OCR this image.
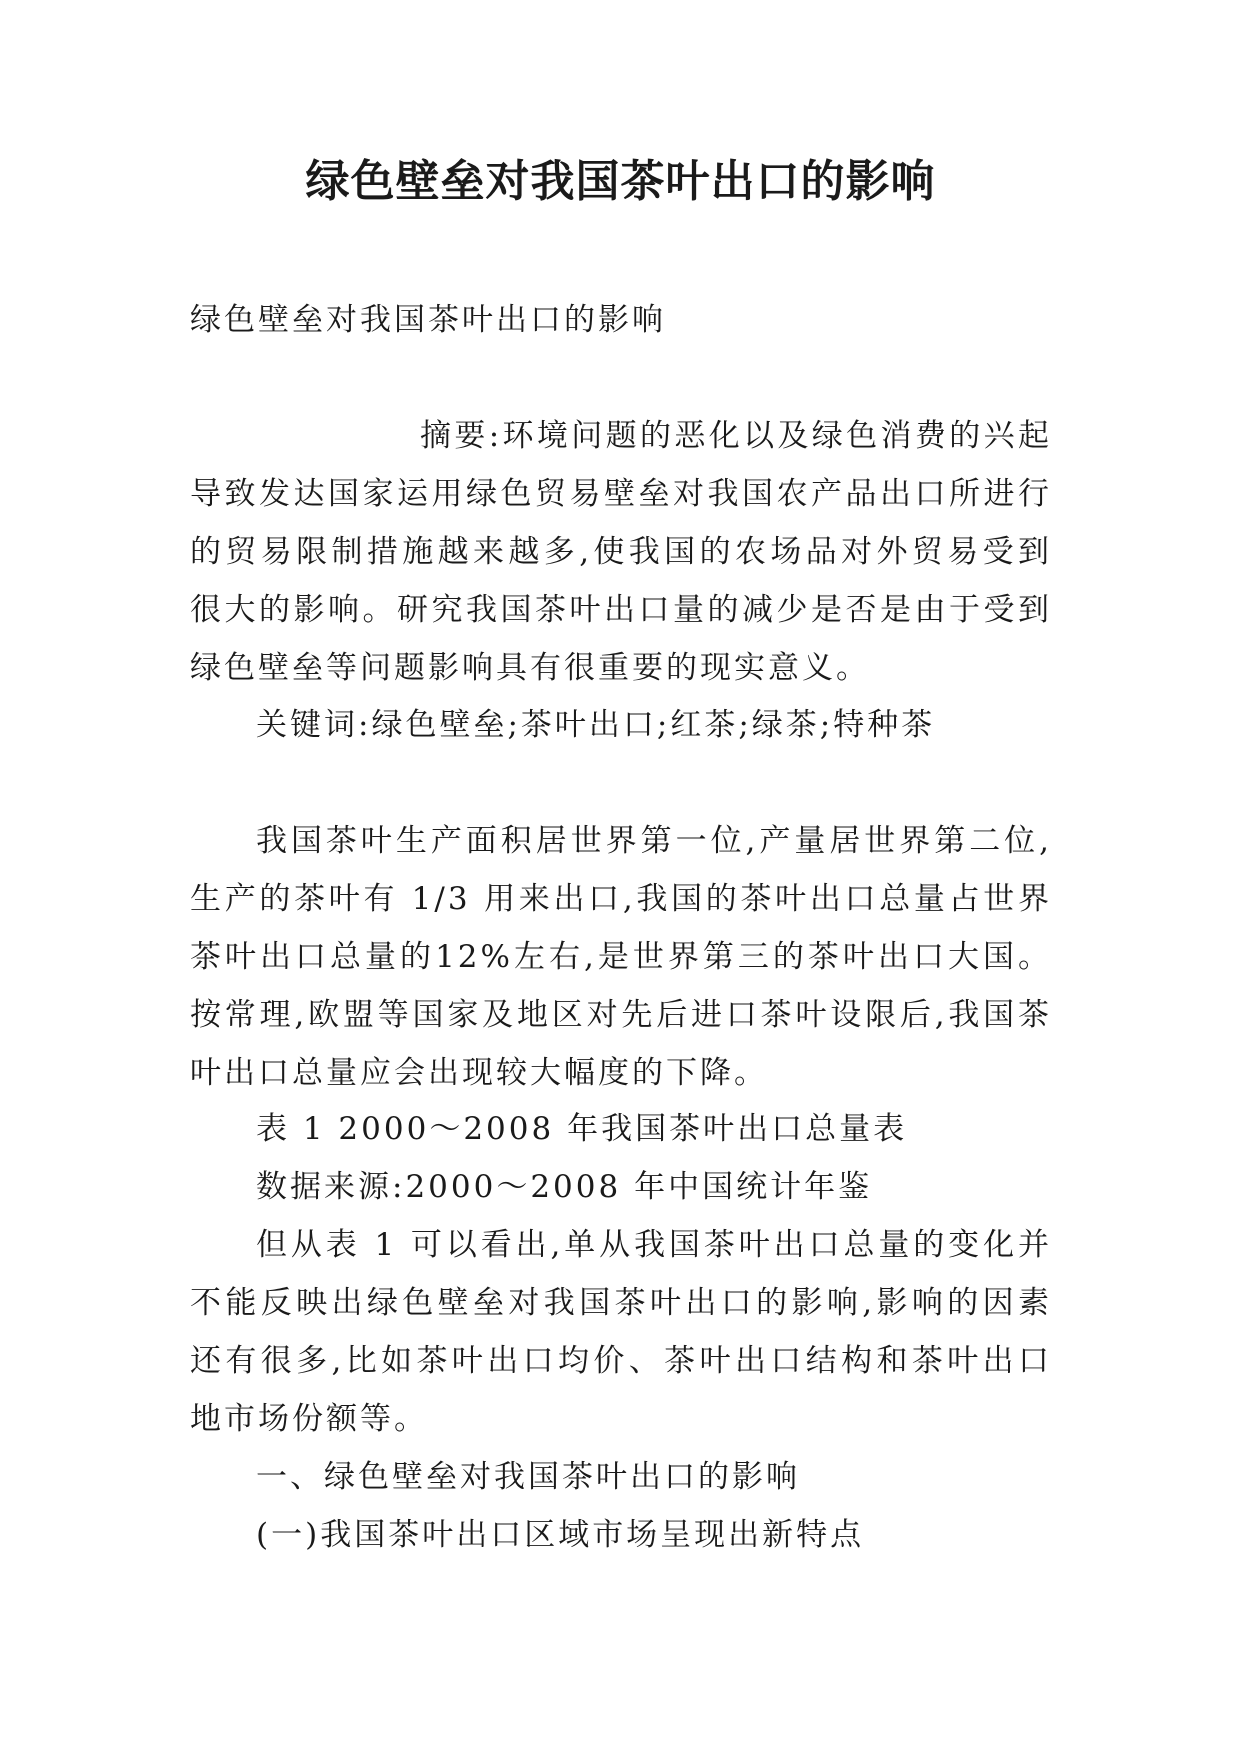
绿色壁垒对我国茶叶出口的影响

绿色壁垒对我国茶叶出口的影响

摘要:环境问题的恶化以及绿色消费的兴起导致发达国家运用绿色贸易壁垒对我国农产品出口所进行的贸易限制措施越来越多,使我国的农场品对外贸易受到很大的影响。研究我国茶叶出口量的减少是否是由于受到绿色壁垒等问题影响具有很重要的现实意义。

关键词:绿色壁垒;茶叶出口;红茶;绿茶;特种茶

我国茶叶生产面积居世界第一位,产量居世界第二位,生产的茶叶有 1/3 用来出口,我国的茶叶出口总量占世界茶叶出口总量的12%左右,是世界第三的茶叶出口大国。按常理,欧盟等国家及地区对先后进口茶叶设限后,我国茶叶出口总量应会出现较大幅度的下降。

表 1 2000～2008 年我国茶叶出口总量表

数据来源:2000～2008 年中国统计年鉴

但从表 1 可以看出,单从我国茶叶出口总量的变化并不能反映出绿色壁垒对我国茶叶出口的影响,影响的因素还有很多,比如茶叶出口均价、茶叶出口结构和茶叶出口地市场份额等。

一、绿色壁垒对我国茶叶出口的影响

(一)我国茶叶出口区域市场呈现出新特点
